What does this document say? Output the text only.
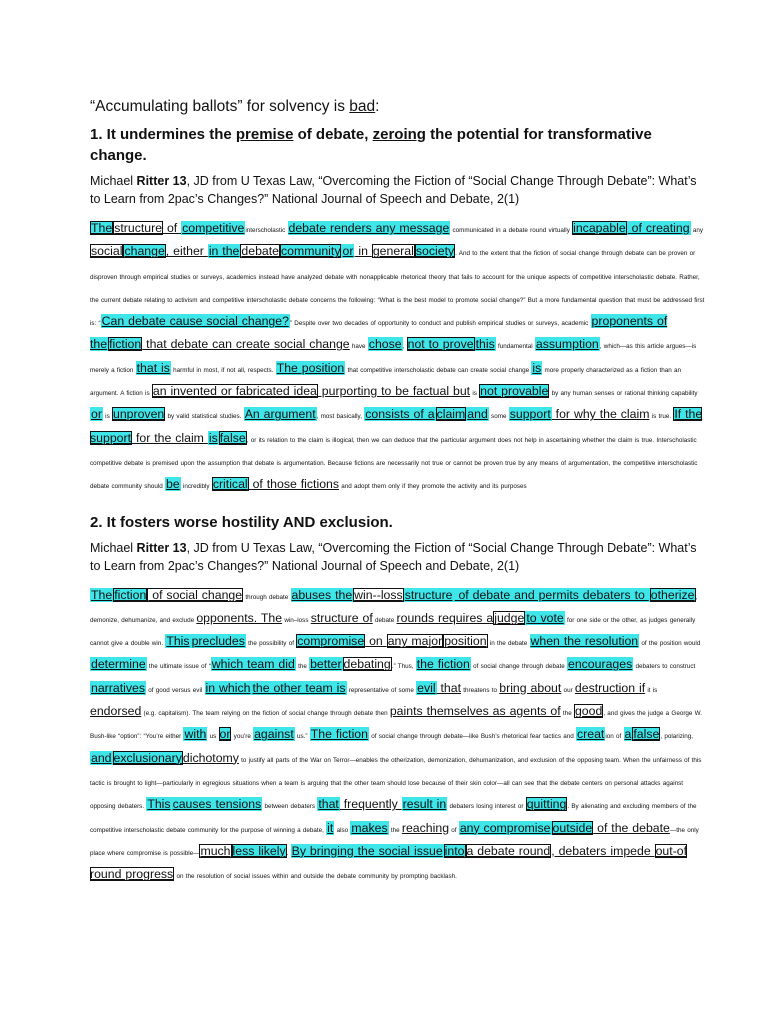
“Accumulating ballots” for solvency is bad:
1. It undermines the premise of debate, zeroing the potential for transformative change.
Michael Ritter 13, JD from U Texas Law, “Overcoming the Fiction of “Social Change Through Debate”: What’s to Learn from 2pac’s Changes?” National Journal of Speech and Debate, 2(1)
The structure of competitiveinterscholastic debate renders any message communicated in a debate round virtually incapable of creating any social change, either in the debate community or in general society. And to the extent that the fiction of social change through debate can be proven or disproven through empirical studies or surveys, academics instead have analyzed debate with nonapplicable rhetorical theory that fails to account for the unique aspects of competitive interscholastic debate. Rather, the current debate relating to activism and competitive interscholastic debate concerns the following: “What is the best model to promote social change?” But a more fundamental question that must be addressed first is: “Can debate cause social change?” Despite over two decades of opportunity to conduct and publish empirical studies or surveys, academic proponents of the fiction that debate can create social change have chose, not to prove this fundamental assumption, which—as this article argues—is merely a fiction that is harmful in most, if not all, respects. The position that competitive interscholastic debate can create social change is more properly characterized as a fiction than an argument. A fiction is an invented or fabricated idea purporting to be factual but is not provable by any human senses or rational thinking capability or is unproven by valid statistical studies. An argument, most basically, consists of a claim and some support for why the claim is true. If the support for the claim is false, or its relation to the claim is illogical, then we can deduce that the particular argument does not help in ascertaining whether the claim is true. Interscholastic competitive debate is premised upon the assumption that debate is argumentation. Because fictions are necessarily not true or cannot be proven true by any means of argumentation, the competitive interscholastic debate community should be incredibly critical of those fictions and adopt them only if they promote the activity and its purposes
2. It fosters worse hostility AND exclusion.
Michael Ritter 13, JD from U Texas Law, “Overcoming the Fiction of “Social Change Through Debate”: What’s to Learn from 2pac’s Changes?” National Journal of Speech and Debate, 2(1)
The fiction of social change through debate abuses the win--loss structure of debate and permits debaters to otherize, demonize, dehumanize, and exclude opponents. The win–loss structure of debate rounds requires ajudge to vote for one side or the other, as judges generally cannot give a double win. This precludes the possibility of compromise on any major position in the debate when the resolution of the position would determine the ultimate issue of “which team did the better debating.” Thus, the fiction of social change through debate encourages debaters to construct narratives of good versus evil in which the other team is representative of some evil that threatens to bring about our destruction if it is endorsed (e.g. capitalism). The team relying on the fiction of social change through debate then paints themselves as agents of the good, and gives the judge a George W. Bush-like “option”: “You’re either with us or you’re against us.” The fiction of social change through debate—like Bush’s rhetorical fear tactics and creation of a false, polarizing, and exclusionarydichotomy to justify all parts of the War on Terror—enables the otherization, demonization, dehumanization, and exclusion of the opposing team. When the unfairness of this tactic is brought to light—particularly in egregious situations when a team is arguing that the other team should lose because of their skin color—all can see that the debate centers on personal attacks against opposing debaters. This causes tensions between debaters that frequently result in debaters losing interest or quitting. By alienating and excluding members of the competitive interscholastic debate community for the purpose of winning a debate, it also makes the reaching of any compromise outside of the debate—the only place where compromise is possible—much less likely. By bringing the social issue into a debate round, debaters impede out-of round progress on the resolution of social issues within and outside the debate community by prompting backlash.
